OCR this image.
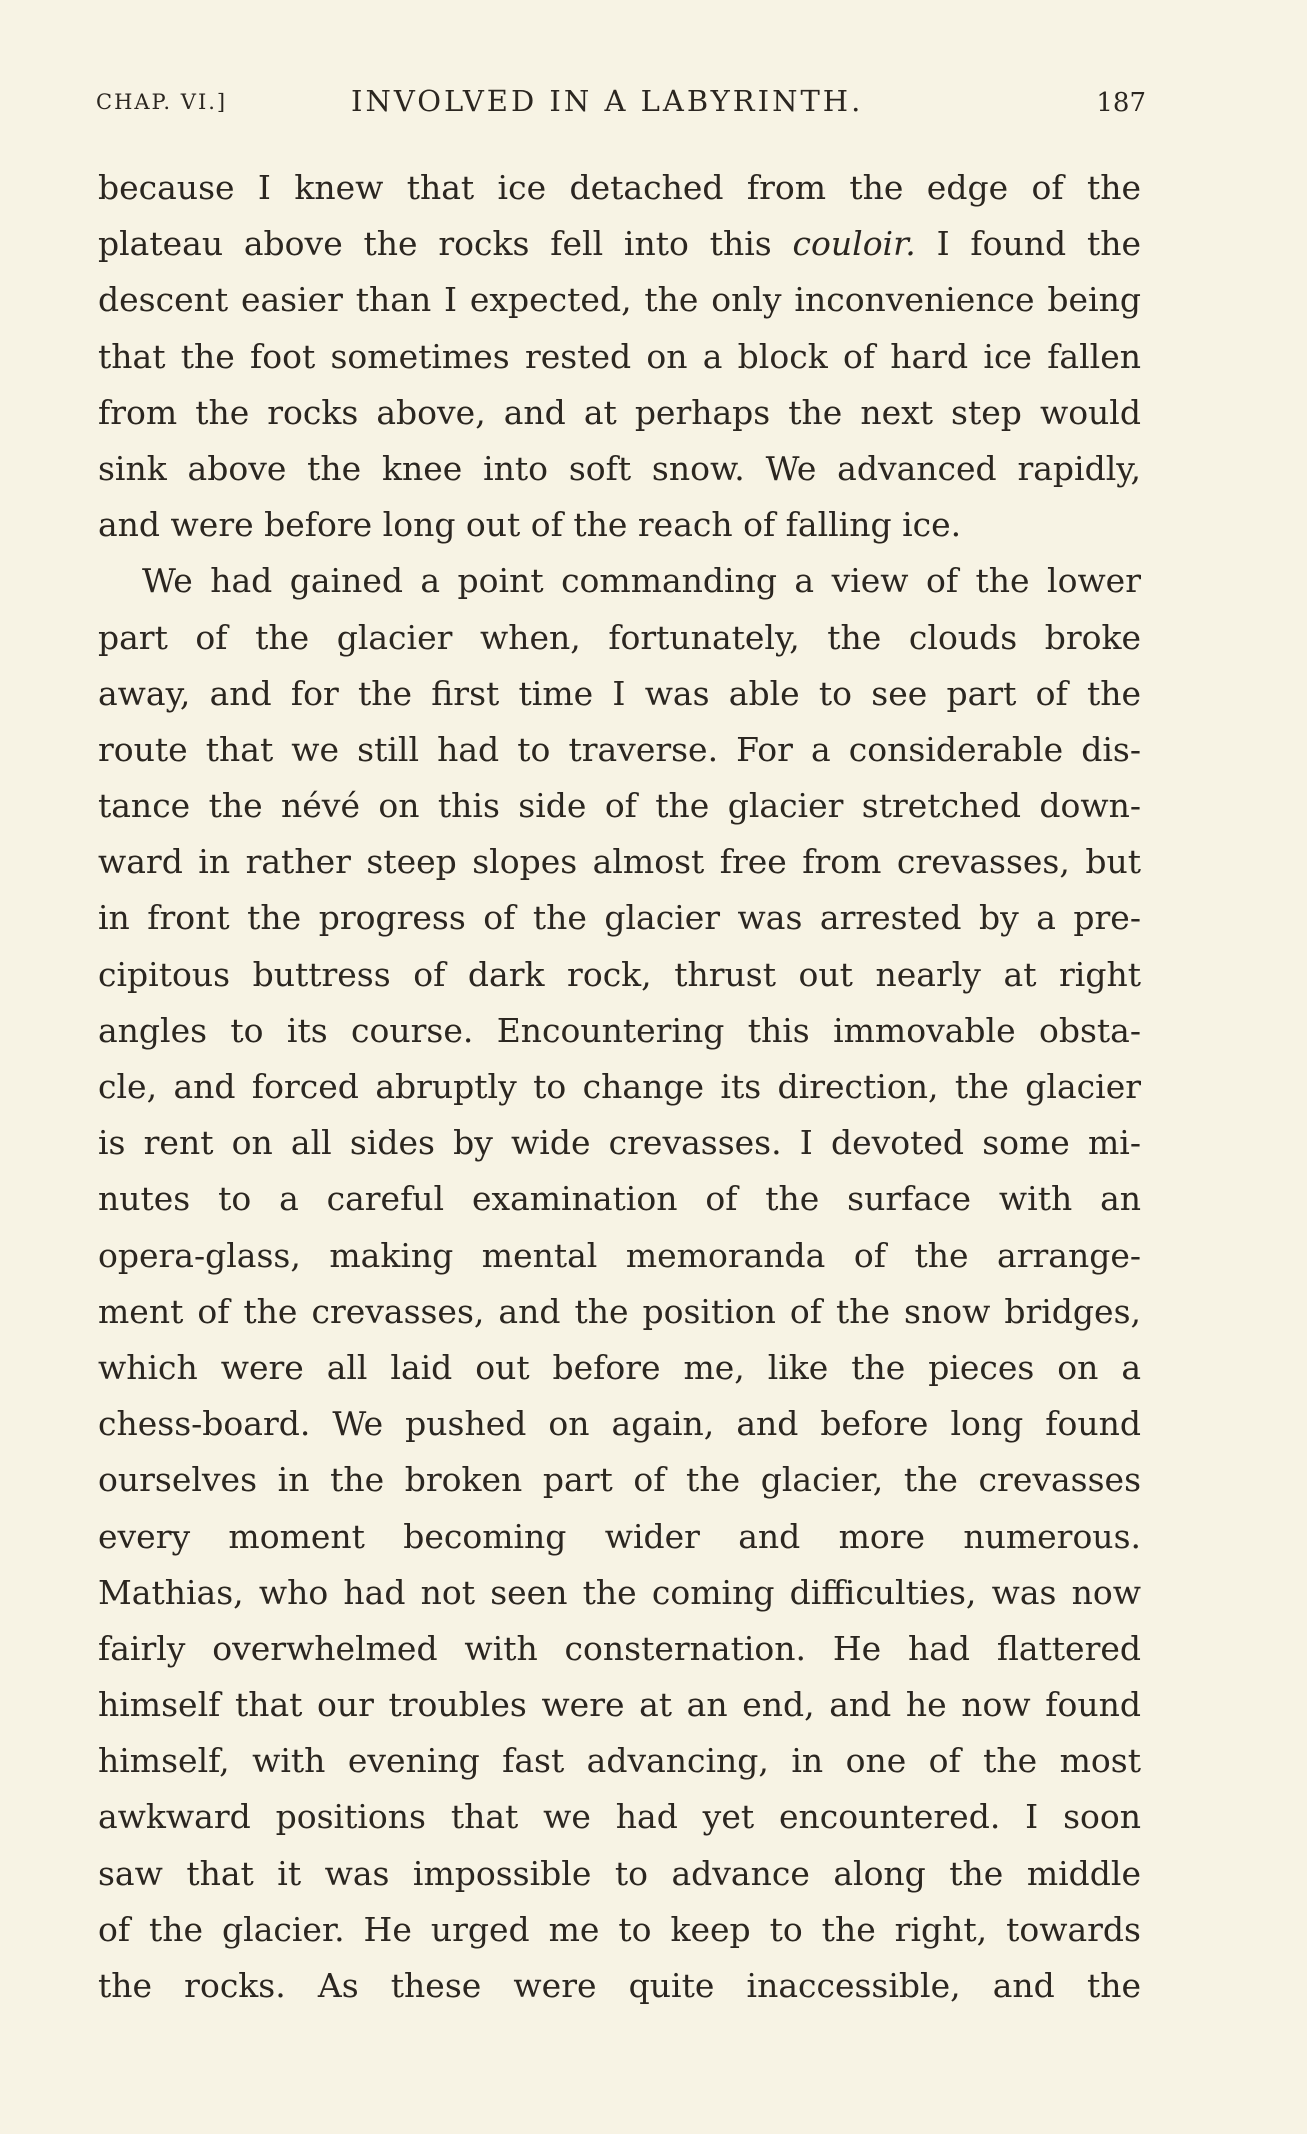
CHAP. VI.]	INVOLVED IN A LABYRINTH.	187
because I knew that ice detached from the edge of the
plateau above the rocks fell into this couloir. I found the
descent easier than I expected, the only inconvenience being
that the foot sometimes rested on a block of hard ice fallen
from the rocks above, and at perhaps the next step would
sink above the knee into soft snow. We advanced rapidly,
and were before long out of the reach of falling ice.
We had gained a point commanding a view of the lower
part of the glacier when, fortunately, the clouds broke
away, and for the first time I was able to see part of the
route that we still had to traverse. For a considerable dis-
tance the névé on this side of the glacier stretched down-
ward in rather steep slopes almost free from crevasses, but
in front the progress of the glacier was arrested by a pre-
cipitous buttress of dark rock, thrust out nearly at right
angles to its course. Encountering this immovable obsta-
cle, and forced abruptly to change its direction, the glacier
is rent on all sides by wide crevasses. I devoted some mi-
nutes to a careful examination of the surface with an
opera-glass, making mental memoranda of the arrange-
ment of the crevasses, and the position of the snow bridges,
which were all laid out before me, like the pieces on a
chess-board. We pushed on again, and before long found
ourselves in the broken part of the glacier, the crevasses
every moment becoming wider and more numerous.
Mathias, who had not seen the coming difficulties, was now
fairly overwhelmed with consternation. He had flattered
himself that our troubles were at an end, and he now found
himself, with evening fast advancing, in one of the most
awkward positions that we had yet encountered. I soon
saw that it was impossible to advance along the middle
of the glacier. He urged me to keep to the right, towards
the rocks. As these were quite inaccessible, and the
